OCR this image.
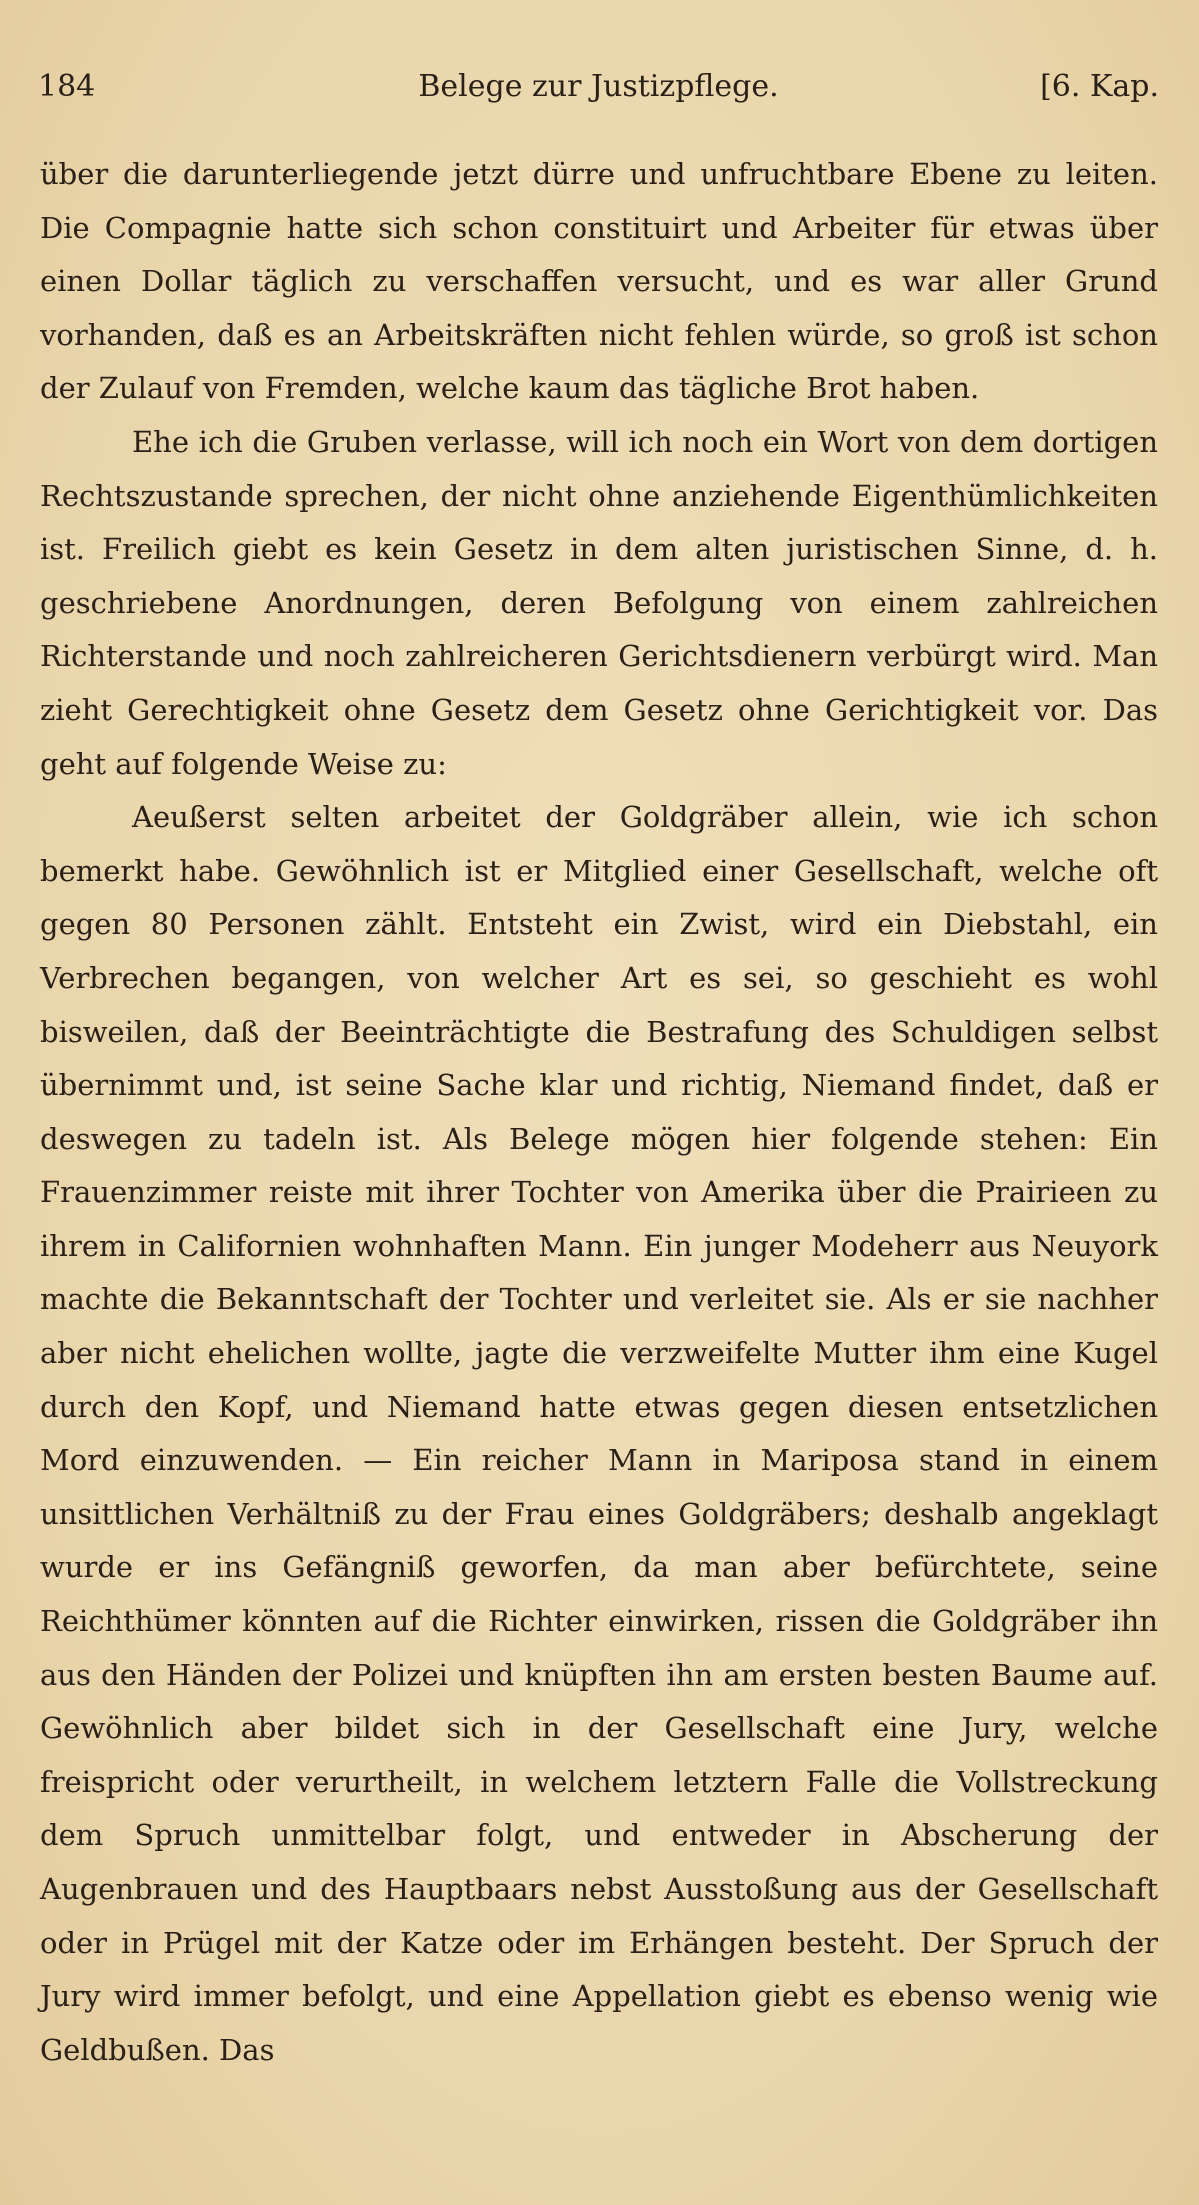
184	Belege zur Justizpflege.	[6. Kap.

über die darunterliegende jetzt dürre und unfruchtbare Ebene zu leiten. Die Compagnie hatte sich schon constituirt und Arbeiter für etwas über einen Dollar täglich zu verschaffen versucht, und es war aller Grund vorhanden, daß es an Arbeitskräften nicht fehlen würde, so groß ist schon der Zulauf von Fremden, welche kaum das tägliche Brot haben.

Ehe ich die Gruben verlasse, will ich noch ein Wort von dem dortigen Rechtszustande sprechen, der nicht ohne anziehende Eigenthümlichkeiten ist. Freilich giebt es kein Gesetz in dem alten juristischen Sinne, d. h. geschriebene Anordnungen, deren Befolgung von einem zahlreichen Richterstande und noch zahlreicheren Gerichtsdienern verbürgt wird. Man zieht Gerechtigkeit ohne Gesetz dem Gesetz ohne Gerichtigkeit vor. Das geht auf folgende Weise zu:

Aeußerst selten arbeitet der Goldgräber allein, wie ich schon bemerkt habe. Gewöhnlich ist er Mitglied einer Gesellschaft, welche oft gegen 80 Personen zählt. Entsteht ein Zwist, wird ein Diebstahl, ein Verbrechen begangen, von welcher Art es sei, so geschieht es wohl bisweilen, daß der Beeinträchtigte die Bestrafung des Schuldigen selbst übernimmt und, ist seine Sache klar und richtig, Niemand findet, daß er deswegen zu tadeln ist. Als Belege mögen hier folgende stehen: Ein Frauenzimmer reiste mit ihrer Tochter von Amerika über die Prairieen zu ihrem in Californien wohnhaften Mann. Ein junger Modeherr aus Neuyork machte die Bekanntschaft der Tochter und verleitet sie. Als er sie nachher aber nicht ehelichen wollte, jagte die verzweifelte Mutter ihm eine Kugel durch den Kopf, und Niemand hatte etwas gegen diesen entsetzlichen Mord einzuwenden. — Ein reicher Mann in Mariposa stand in einem unsittlichen Verhältniß zu der Frau eines Goldgräbers; deshalb angeklagt wurde er ins Gefängniß geworfen, da man aber befürchtete, seine Reichthümer könnten auf die Richter einwirken, rissen die Goldgräber ihn aus den Händen der Polizei und knüpften ihn am ersten besten Baume auf. Gewöhnlich aber bildet sich in der Gesellschaft eine Jury, welche freispricht oder verurtheilt, in welchem letztern Falle die Vollstreckung dem Spruch unmittelbar folgt, und entweder in Abscherung der Augenbrauen und des Hauptbaars nebst Ausstoßung aus der Gesellschaft oder in Prügel mit der Katze oder im Erhängen besteht. Der Spruch der Jury wird immer befolgt, und eine Appellation giebt es ebenso wenig wie Geldbußen. Das
